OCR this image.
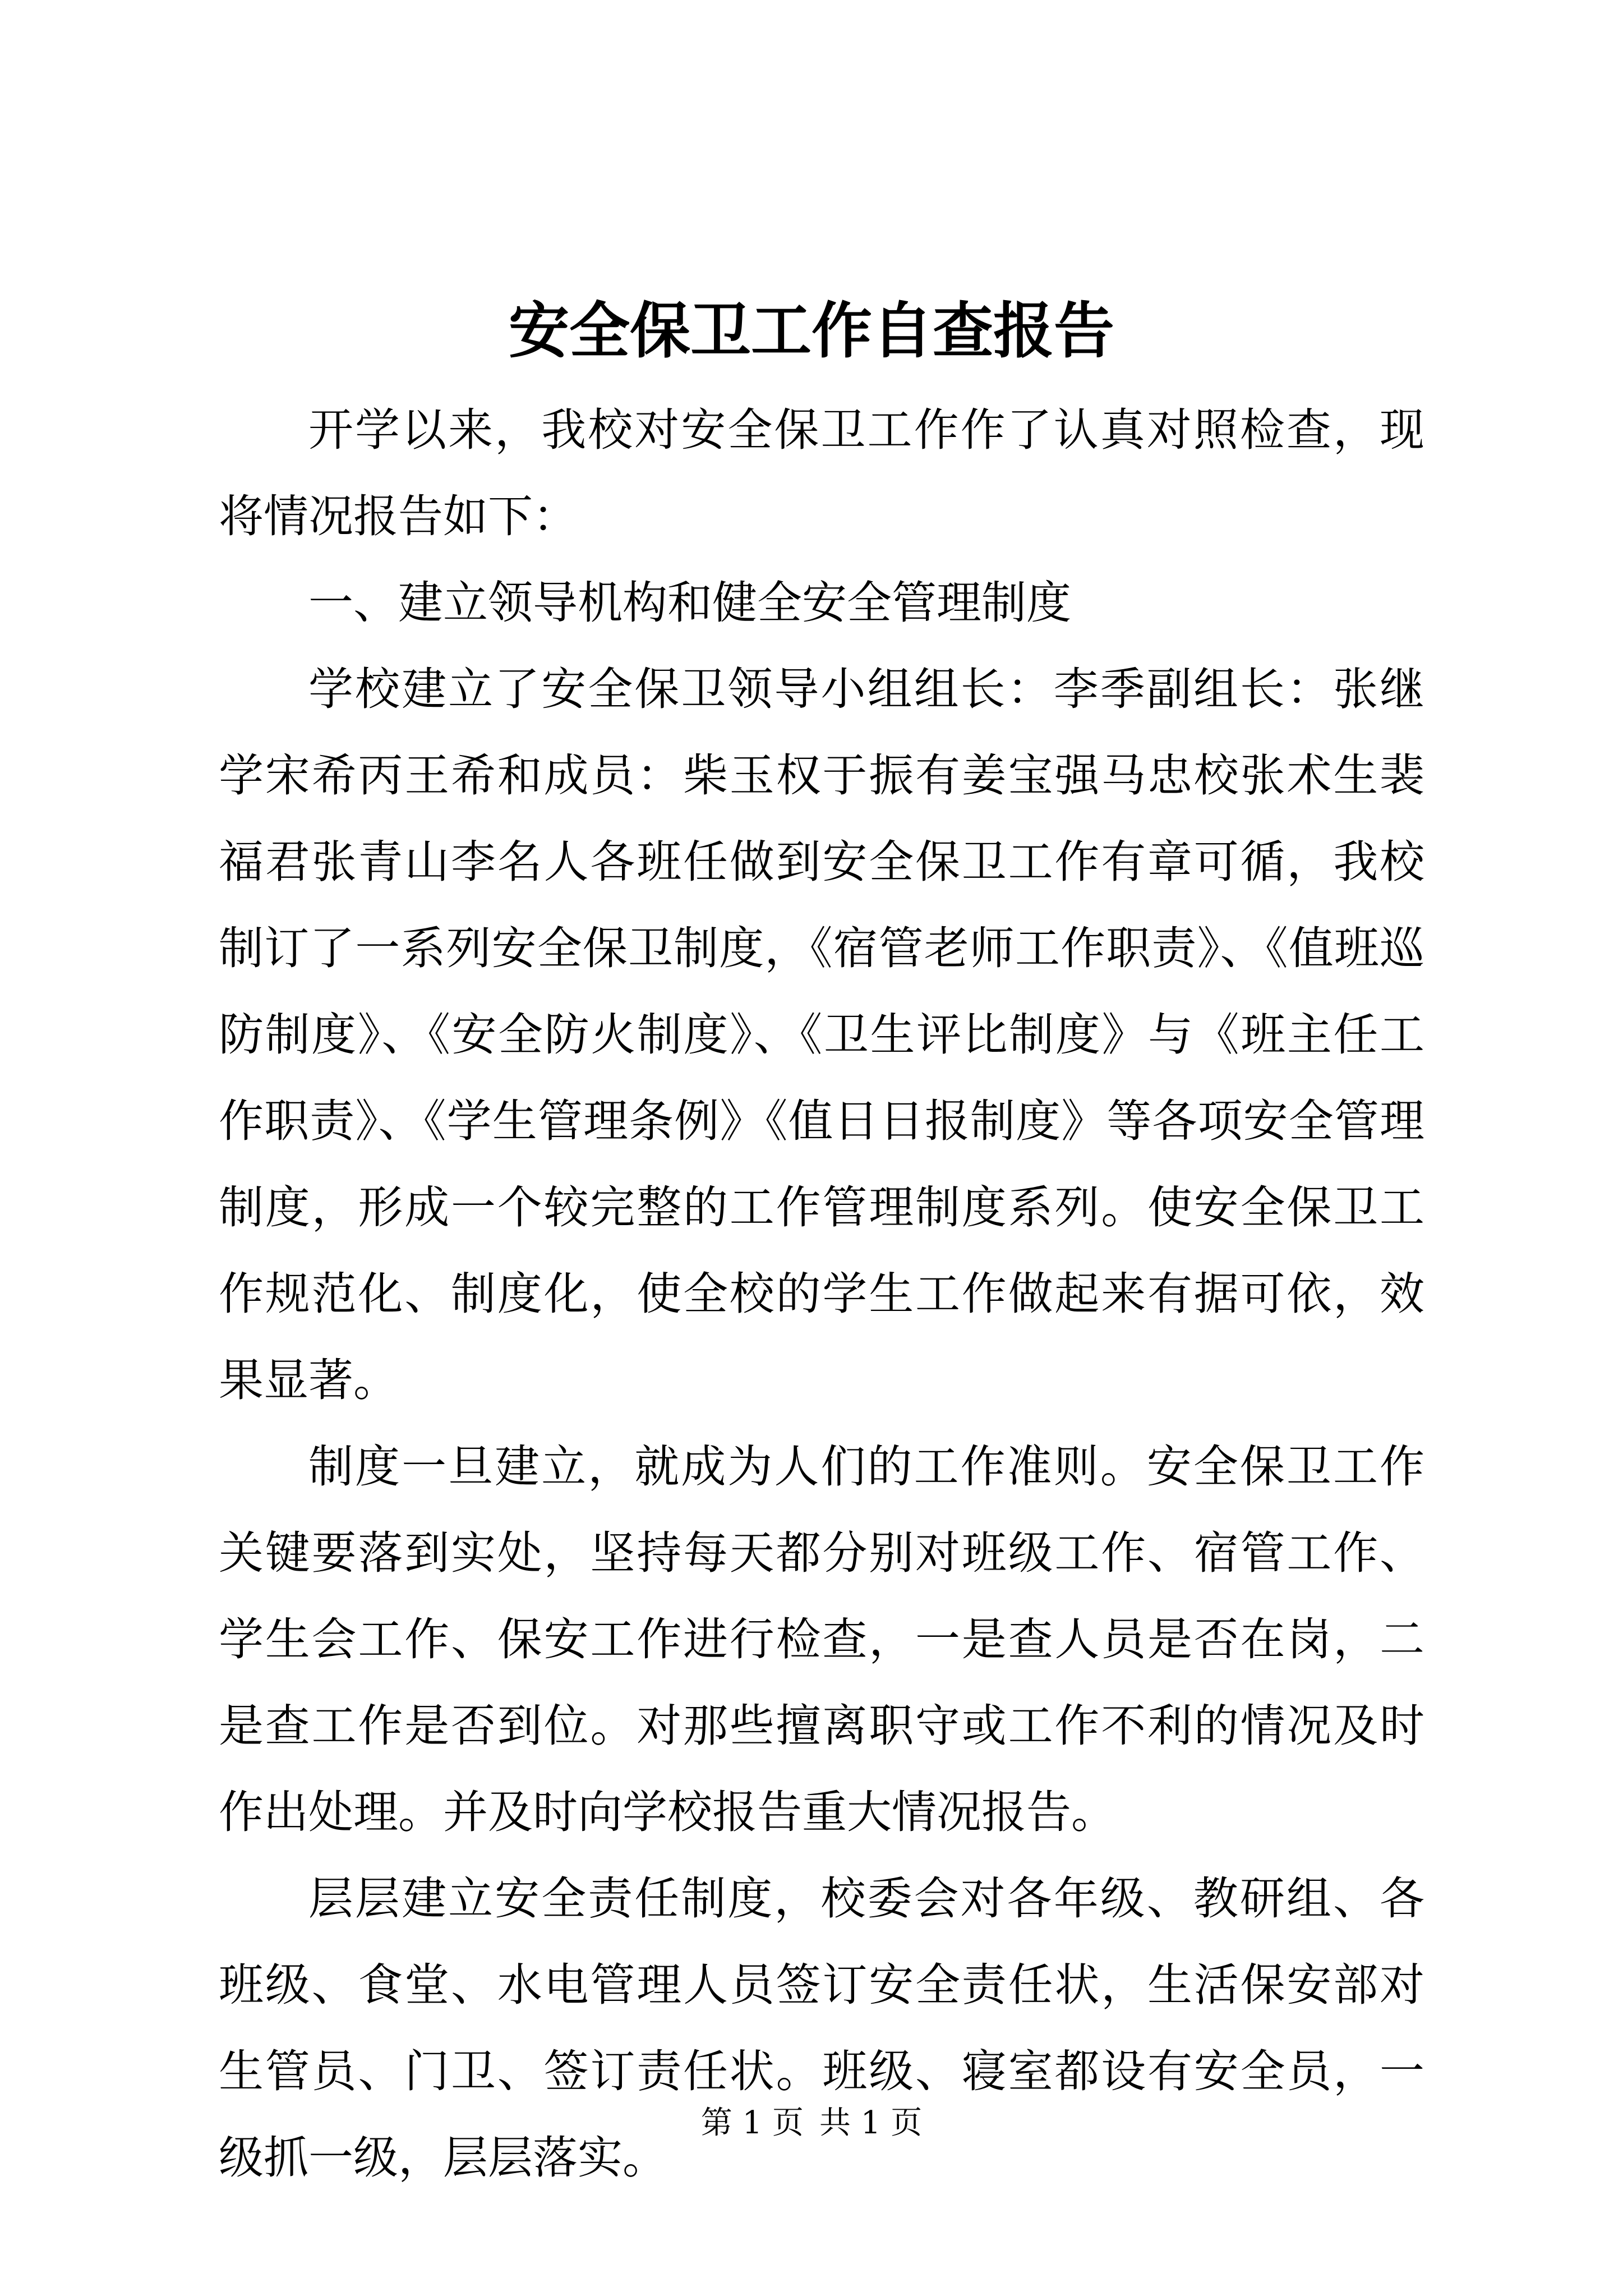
安全保卫工作自查报告

开学以来，我校对安全保卫工作作了认真对照检查，现将情况报告如下：

一、建立领导机构和健全安全管理制度

学校建立了安全保卫领导小组组长：李季副组长：张继学宋希丙王希和成员：柴玉权于振有姜宝强马忠校张术生裴福君张青山李名人各班任做到安全保卫工作有章可循，我校制订了一系列安全保卫制度，《宿管老师工作职责》、《值班巡防制度》、《安全防火制度》、《卫生评比制度》与《班主任工作职责》、《学生管理条例》《值日日报制度》等各项安全管理制度，形成一个较完整的工作管理制度系列。使安全保卫工作规范化、制度化，使全校的学生工作做起来有据可依，效果显著。

制度一旦建立，就成为人们的工作准则。安全保卫工作关键要落到实处，坚持每天都分别对班级工作、宿管工作、学生会工作、保安工作进行检查，一是查人员是否在岗，二是查工作是否到位。对那些擅离职守或工作不利的情况及时作出处理。并及时向学校报告重大情况报告。

层层建立安全责任制度，校委会对各年级、教研组、各班级、食堂、水电管理人员签订安全责任状，生活保安部对生管员、门卫、签订责任状。班级、寝室都设有安全员，一级抓一级，层层落实。

第 1 页 共 1 页
